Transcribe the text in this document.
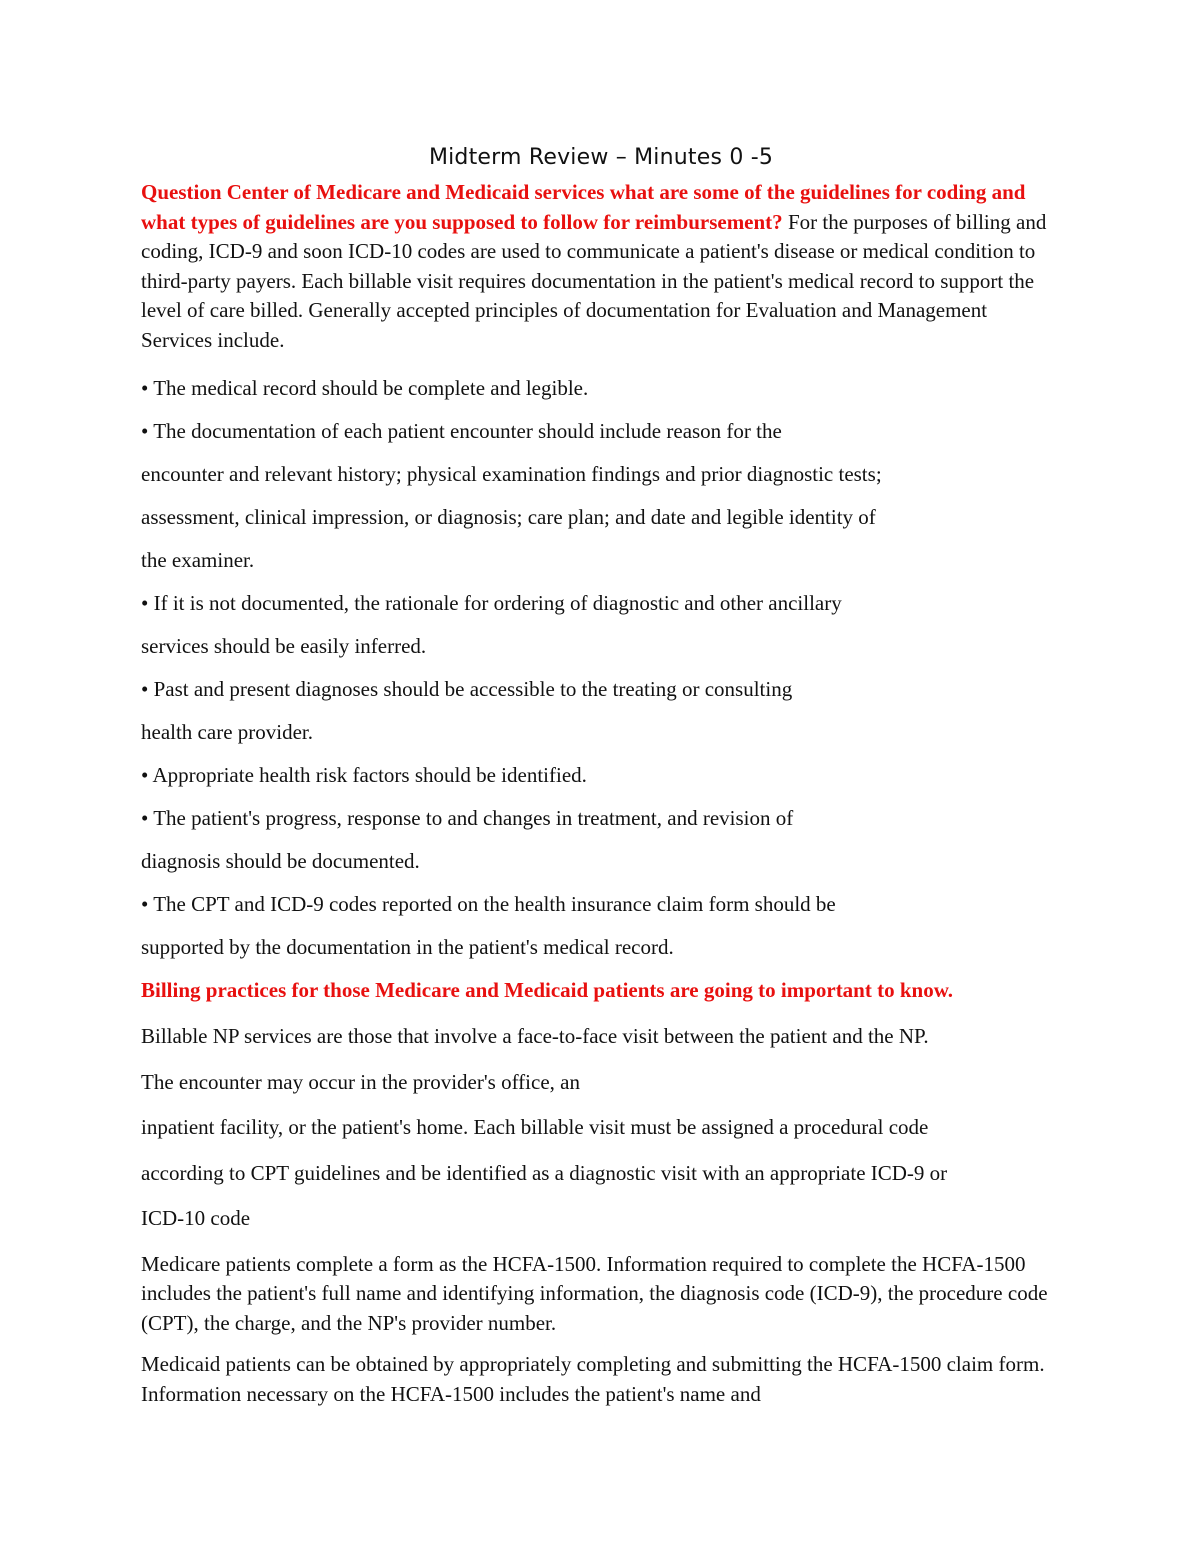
Midterm Review – Minutes 0 -5

Question Center of Medicare and Medicaid services what are some of the guidelines for coding and what types of guidelines are you supposed to follow for reimbursement? For the purposes of billing and coding, ICD-9 and soon ICD-10 codes are used to communicate a patient's disease or medical condition to third-party payers. Each billable visit requires documentation in the patient's medical record to support the level of care billed. Generally accepted principles of documentation for Evaluation and Management Services include.

• The medical record should be complete and legible.

• The documentation of each patient encounter should include reason for the

encounter and relevant history; physical examination findings and prior diagnostic tests;

assessment, clinical impression, or diagnosis; care plan; and date and legible identity of

the examiner.

• If it is not documented, the rationale for ordering of diagnostic and other ancillary

services should be easily inferred.

• Past and present diagnoses should be accessible to the treating or consulting

health care provider.

• Appropriate health risk factors should be identified.

• The patient's progress, response to and changes in treatment, and revision of

diagnosis should be documented.

• The CPT and ICD-9 codes reported on the health insurance claim form should be

supported by the documentation in the patient's medical record.

Billing practices for those Medicare and Medicaid patients are going to important to know.

Billable NP services are those that involve a face-to-face visit between the patient and the NP.

The encounter may occur in the provider's office, an

inpatient facility, or the patient's home. Each billable visit must be assigned a procedural code

according to CPT guidelines and be identified as a diagnostic visit with an appropriate ICD-9 or

ICD-10 code

Medicare patients complete a form as the HCFA-1500. Information required to complete the HCFA-1500 includes the patient's full name and identifying information, the diagnosis code (ICD-9), the procedure code (CPT), the charge, and the NP's provider number.

Medicaid patients can be obtained by appropriately completing and submitting the HCFA-1500 claim form. Information necessary on the HCFA-1500 includes the patient's name and
